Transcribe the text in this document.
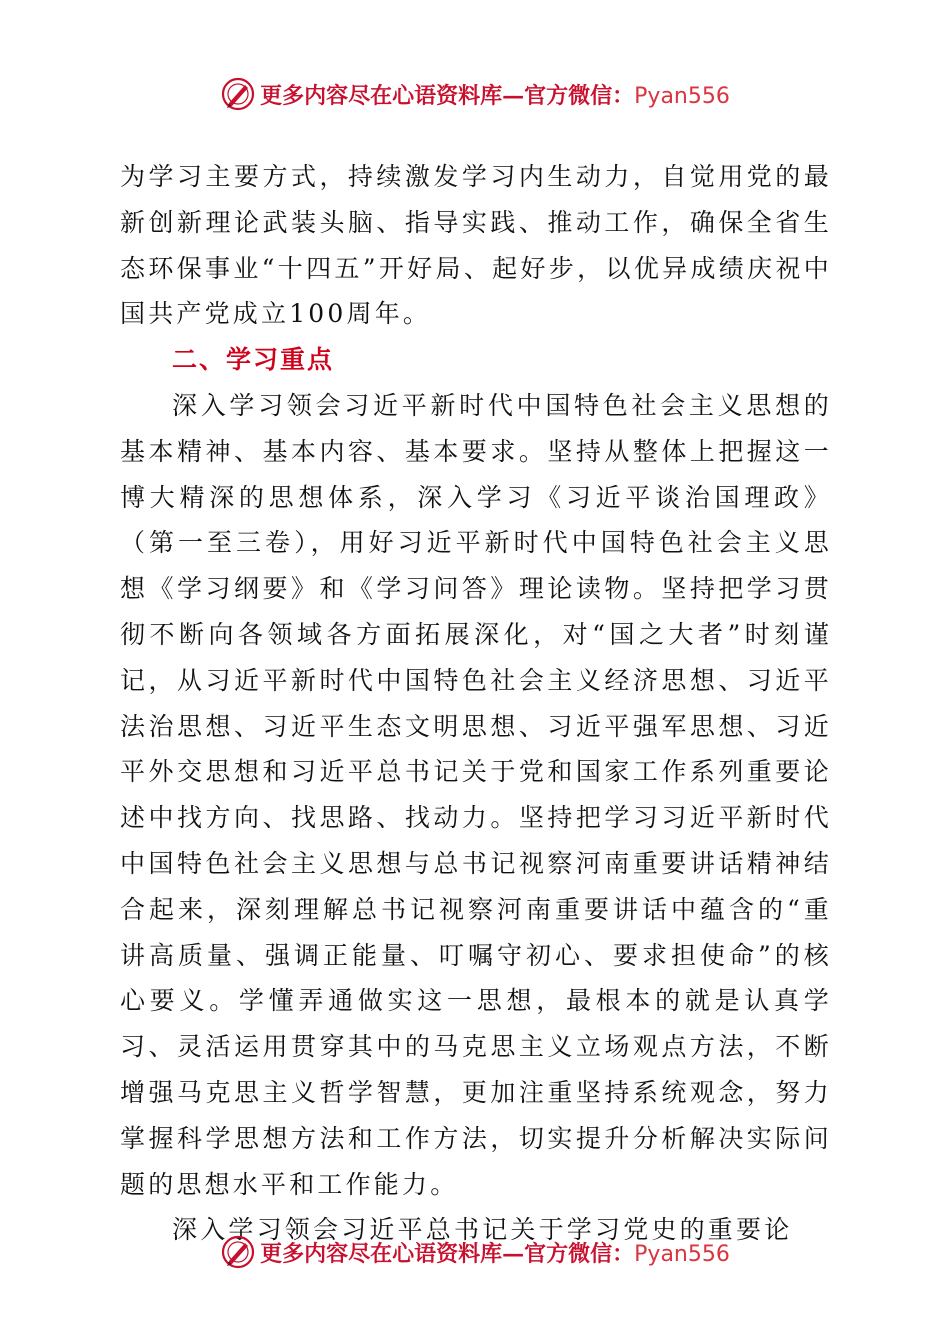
更多内容尽在心语资料库—官方微信：Pyan556

为学习主要方式，持续激发学习内生动力，自觉用党的最新创新理论武装头脑、指导实践、推动工作，确保全省生态环保事业“十四五”开好局、起好步，以优异成绩庆祝中国共产党成立100周年。

二、学习重点

深入学习领会习近平新时代中国特色社会主义思想的基本精神、基本内容、基本要求。坚持从整体上把握这一博大精深的思想体系，深入学习《习近平谈治国理政》（第一至三卷），用好习近平新时代中国特色社会主义思想《学习纲要》和《学习问答》理论读物。坚持把学习贯彻不断向各领域各方面拓展深化，对“国之大者”时刻谨记，从习近平新时代中国特色社会主义经济思想、习近平法治思想、习近平生态文明思想、习近平强军思想、习近平外交思想和习近平总书记关于党和国家工作系列重要论述中找方向、找思路、找动力。坚持把学习习近平新时代中国特色社会主义思想与总书记视察河南重要讲话精神结合起来，深刻理解总书记视察河南重要讲话中蕴含的“重讲高质量、强调正能量、叮嘱守初心、要求担使命”的核心要义。学懂弄通做实这一思想，最根本的就是认真学习、灵活运用贯穿其中的马克思主义立场观点方法，不断增强马克思主义哲学智慧，更加注重坚持系统观念，努力掌握科学思想方法和工作方法，切实提升分析解决实际问题的思想水平和工作能力。

深入学习领会习近平总书记关于学习党史的重要论

更多内容尽在心语资料库—官方微信：Pyan556
